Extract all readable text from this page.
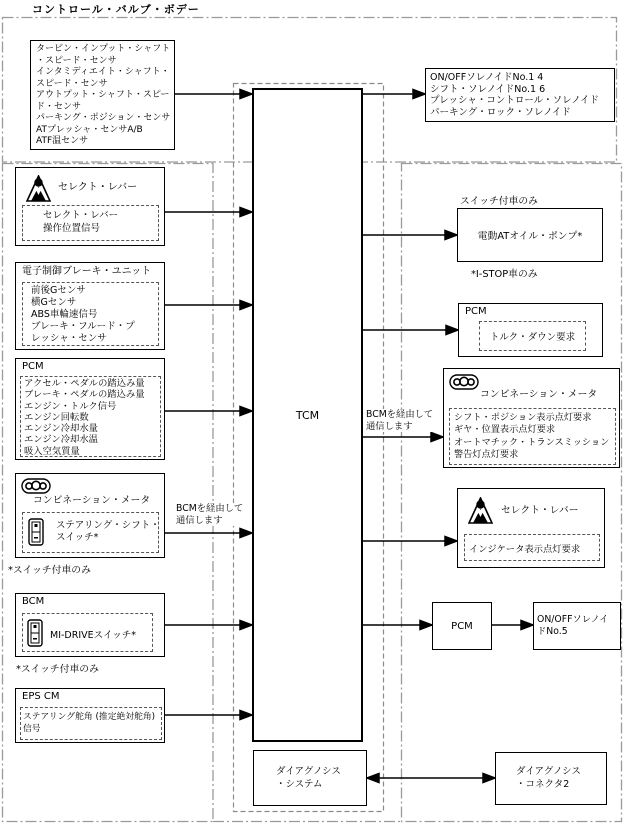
コントロール・バルブ・ボデー
タービン・インプット・シャフト
・スピード・センサ
インタミディエイト・シャフト・
スピード・センサ
アウトプット・シャフト・スピー
ド・センサ
パーキング・ポジション・センサ
ATプレッシャ・センサA/B
ATF温センサ
ON/OFFソレノイドNo.1 4
シフト・ソレノイドNo.1 6
プレッシャ・コントロール・ソレノイド
パーキング・ロック・ソレノイド
TCM
セレクト・レバー
セレクト・レバー
操作位置信号
電子制御ブレーキ・ユニット
前後Gセンサ
横Gセンサ
ABS車輪速信号
ブレーキ・フルード・プ
レッシャ・センサ
PCM
アクセル・ペダルの踏込み量
ブレーキ・ペダルの踏込み量
エンジン・トルク信号
エンジン回転数
エンジン冷却水量
エンジン冷却水温
吸入空気質量
コンビネーション・メータ
ステアリング・シフト・
スイッチ*
*スイッチ付車のみ
BCMを経由して
通信します
BCM
MI-DRIVEスイッチ*
*スイッチ付車のみ
EPS CM
ステアリング舵角 (推定絶対舵角)
信号
スイッチ付車のみ
電動ATオイル・ポンプ*
*I-STOP車のみ
PCM
トルク・ダウン要求
BCMを経由して
通信します
コンビネーション・メータ
シフト・ポジション表示点灯要求
ギヤ・位置表示点灯要求
オートマチック・トランスミッション
警告灯点灯要求
セレクト・レバー
インジケータ表示点灯要求
PCM
ON/OFFソレノイ
ドNo.5
ダイアグノシス
・システム
ダイアグノシス
・コネクタ2
